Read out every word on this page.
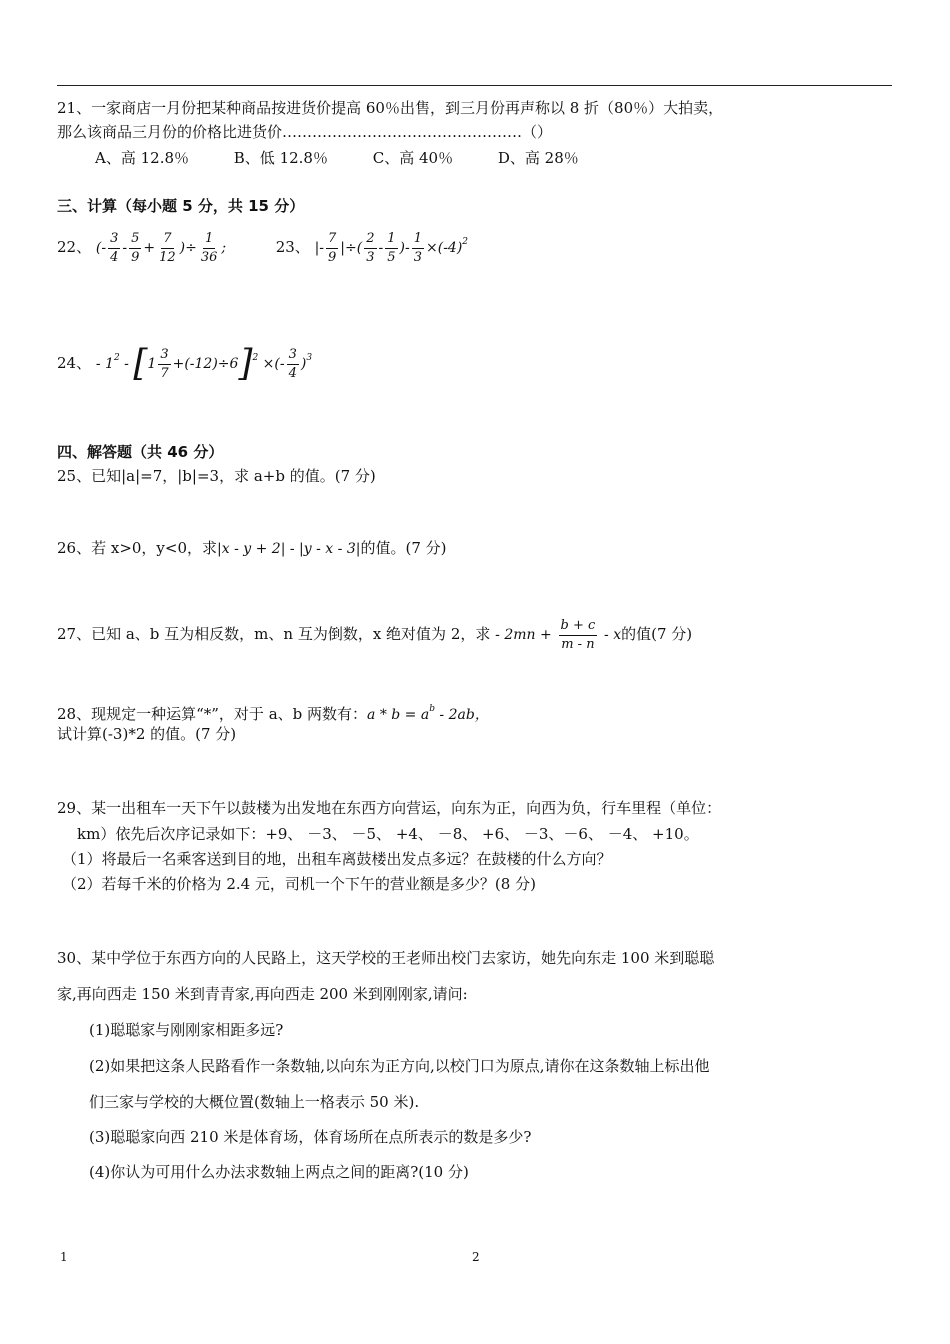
21、一家商店一月份把某种商品按进货价提高 60％出售，到三月份再声称以 8 折（80％）大拍卖，
那么该商品三月份的价格比进货价…………………………………………（）
A、高 12.8％	B、低 12.8％	C、高 40％	D、高 28％
三、计算（每小题 5 分，共 15 分）
22、 (- $\frac{3}{4} - \frac{5}{9} + \frac{7}{12}$ )÷ $\frac{1}{36}$ ;	23、 |- $\frac{7}{9}$ |÷( $\frac{2}{3} - \frac{1}{5}$ )- $\frac{1}{3} \times(-4)^2$
24、 - $1^2 - [1 \frac{3}{7} +(-12)\div 6]^2$ ×(- $\frac{3}{4} )^3$
四、解答题（共 46 分）
25、已知|a|=7，|b|=3，求 a+b 的值。(7 分)
26、若 x>0，y<0，求|x - y + 2| - |y - x - 3|的值。(7 分)
27、已知 a、b 互为相反数，m、n 互为倒数，x 绝对值为 2，求 - $2mn + \frac{b + c}{m - n} - x$的值(7 分)
28、现规定一种运算“*”，对于 a、b 两数有：$a * b = a^b - 2ab$，
试计算(-3)*2 的值。(7 分)
29、某一出租车一天下午以鼓楼为出发地在东西方向营运，向东为正，向西为负，行车里程（单位：
km）依先后次序记录如下：+9、 －3、 －5、 +4、 －8、 +6、 －3、－6、 －4、 +10。
（1）将最后一名乘客送到目的地，出租车离鼓楼出发点多远？在鼓楼的什么方向？
（2）若每千米的价格为 2.4 元，司机一个下午的营业额是多少？(8 分)
30、某中学位于东西方向的人民路上，这天学校的王老师出校门去家访，她先向东走 100 米到聪聪
家,再向西走 150 米到青青家,再向西走 200 米到刚刚家,请问:
(1)聪聪家与刚刚家相距多远?
(2)如果把这条人民路看作一条数轴,以向东为正方向,以校门口为原点,请你在这条数轴上标出他
们三家与学校的大概位置(数轴上一格表示 50 米).
(3)聪聪家向西 210 米是体育场，体育场所在点所表示的数是多少?
(4)你认为可用什么办法求数轴上两点之间的距离?(10 分)
1	2
